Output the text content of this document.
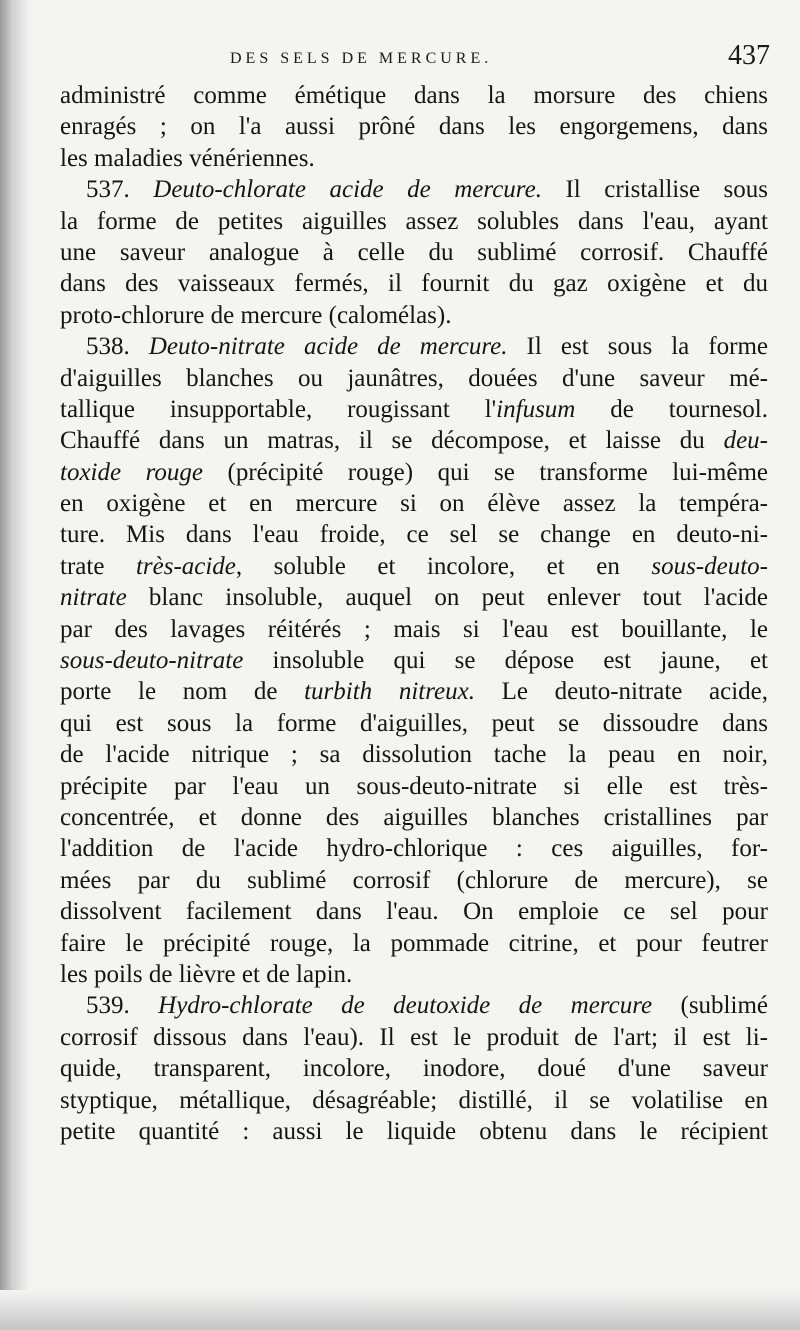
DES SELS DE MERCURE.	437
administré comme émétique dans la morsure des chiens
enragés ; on l'a aussi prôné dans les engorgemens, dans
les maladies vénériennes.
537. Deuto-chlorate acide de mercure. Il cristallise sous
la forme de petites aiguilles assez solubles dans l'eau, ayant
une saveur analogue à celle du sublimé corrosif. Chauffé
dans des vaisseaux fermés, il fournit du gaz oxigène et du
proto-chlorure de mercure (calomélas).
538. Deuto-nitrate acide de mercure. Il est sous la forme
d'aiguilles blanches ou jaunâtres, douées d'une saveur mé-
tallique insupportable, rougissant l'infusum de tournesol.
Chauffé dans un matras, il se décompose, et laisse du deu-
toxide rouge (précipité rouge) qui se transforme lui-même
en oxigène et en mercure si on élève assez la tempéra-
ture. Mis dans l'eau froide, ce sel se change en deuto-ni-
trate très-acide, soluble et incolore, et en sous-deuto-
nitrate blanc insoluble, auquel on peut enlever tout l'acide
par des lavages réitérés ; mais si l'eau est bouillante, le
sous-deuto-nitrate insoluble qui se dépose est jaune, et
porte le nom de turbith nitreux. Le deuto-nitrate acide,
qui est sous la forme d'aiguilles, peut se dissoudre dans
de l'acide nitrique ; sa dissolution tache la peau en noir,
précipite par l'eau un sous-deuto-nitrate si elle est très-
concentrée, et donne des aiguilles blanches cristallines par
l'addition de l'acide hydro-chlorique : ces aiguilles, for-
mées par du sublimé corrosif (chlorure de mercure), se
dissolvent facilement dans l'eau. On emploie ce sel pour
faire le précipité rouge, la pommade citrine, et pour feutrer
les poils de lièvre et de lapin.
539. Hydro-chlorate de deutoxide de mercure (sublimé
corrosif dissous dans l'eau). Il est le produit de l'art; il est li-
quide, transparent, incolore, inodore, doué d'une saveur
styptique, métallique, désagréable; distillé, il se volatilise en
petite quantité : aussi le liquide obtenu dans le récipient
